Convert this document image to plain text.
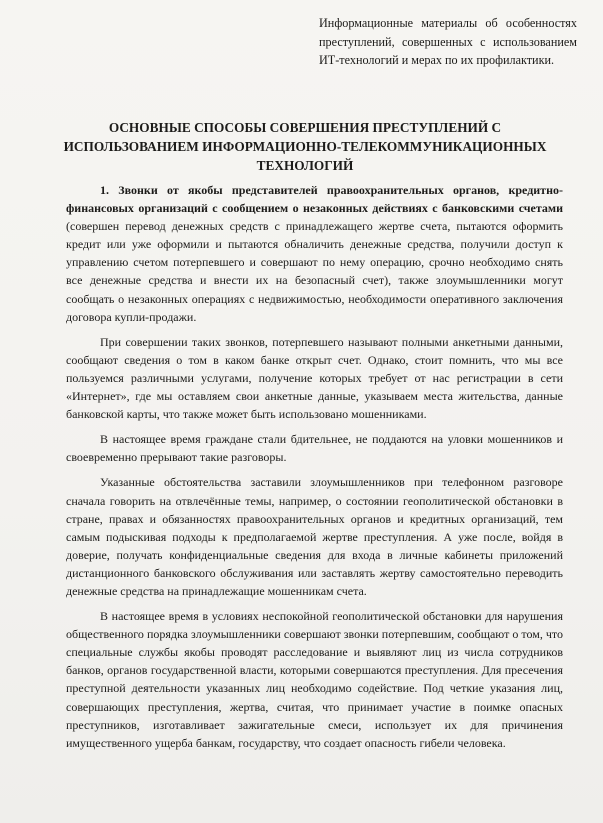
Информационные материалы об особенностях преступлений, совершенных с использованием ИТ-технологий и мерах по их профилактики.
ОСНОВНЫЕ СПОСОБЫ СОВЕРШЕНИЯ ПРЕСТУПЛЕНИЙ С ИСПОЛЬЗОВАНИЕМ ИНФОРМАЦИОННО-ТЕЛЕКОММУНИКАЦИОННЫХ ТЕХНОЛОГИЙ

1. Звонки от якобы представителей правоохранительных органов, кредитно-финансовых организаций с сообщением о незаконных действиях с банковскими счетами (совершен перевод денежных средств с принадлежащего жертве счета, пытаются оформить кредит или уже оформили и пытаются обналичить денежные средства, получили доступ к управлению счетом потерпевшего и совершают по нему операцию, срочно необходимо снять все денежные средства и внести их на безопасный счет), также злоумышленники могут сообщать о незаконных операциях с недвижимостью, необходимости оперативного заключения договора купли-продажи.

При совершении таких звонков, потерпевшего называют полными анкетными данными, сообщают сведения о том в каком банке открыт счет. Однако, стоит помнить, что мы все пользуемся различными услугами, получение которых требует от нас регистрации в сети «Интернет», где мы оставляем свои анкетные данные, указываем места жительства, данные банковской карты, что также может быть использовано мошенниками.

В настоящее время граждане стали бдительнее, не поддаются на уловки мошенников и своевременно прерывают такие разговоры.

Указанные обстоятельства заставили злоумышленников при телефонном разговоре сначала говорить на отвлечённые темы, например, о состоянии геополитической обстановки в стране, правах и обязанностях правоохранительных органов и кредитных организаций, тем самым подыскивая подходы к предполагаемой жертве преступления. А уже после, войдя в доверие, получать конфиденциальные сведения для входа в личные кабинеты приложений дистанционного банковского обслуживания или заставлять жертву самостоятельно переводить денежные средства на принадлежащие мошенникам счета.

В настоящее время в условиях неспокойной геополитической обстановки для нарушения общественного порядка злоумышленники совершают звонки потерпевшим, сообщают о том, что специальные службы якобы проводят расследование и выявляют лиц из числа сотрудников банков, органов государственной власти, которыми совершаются преступления. Для пресечения преступной деятельности указанных лиц необходимо содействие. Под четкие указания лиц, совершающих преступления, жертва, считая, что принимает участие в поимке опасных преступников, изготавливает зажигательные смеси, использует их для причинения имущественного ущерба банкам, государству, что создает опасность гибели человека.
